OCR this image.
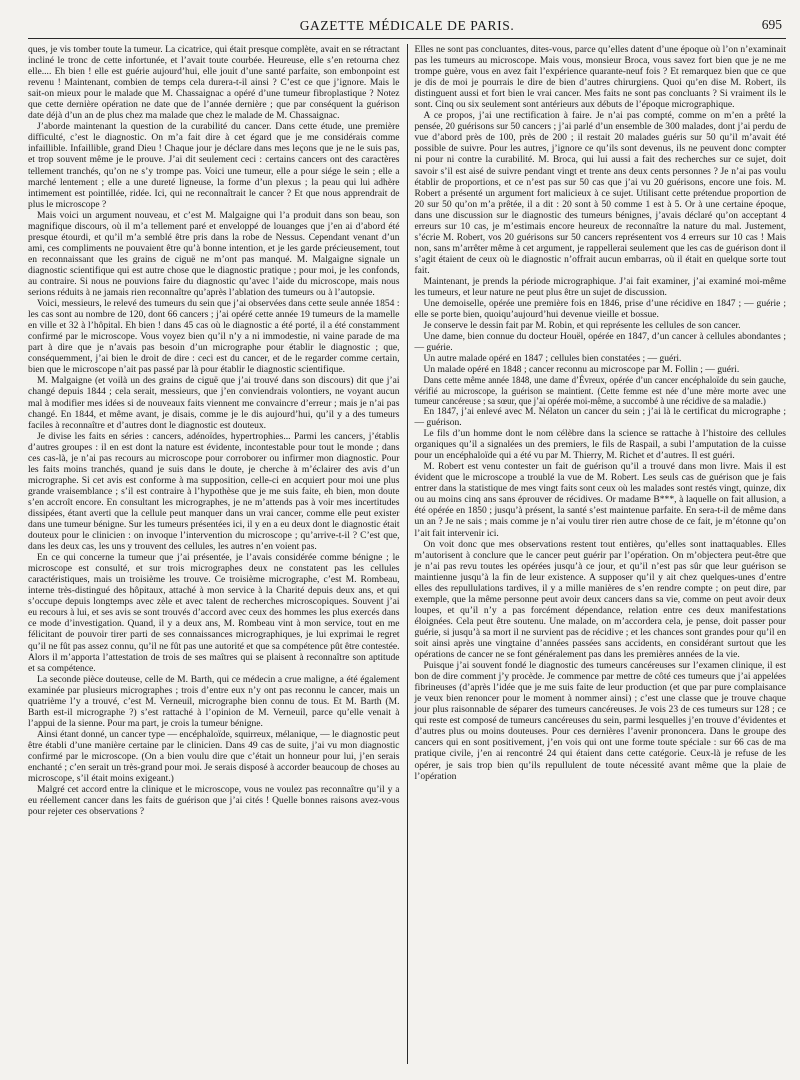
GAZETTE MÉDICALE DE PARIS.	695

ques, je vis tomber toute la tumeur. La cicatrice, qui était presque complète, avait en se rétractant incliné le tronc de cette infortunée, et l’avait toute courbée. Heureuse, elle s’en retourna chez elle.... Eh bien ! elle est guérie aujourd’hui, elle jouit d’une santé parfaite, son embonpoint est revenu ! Maintenant, combien de temps cela durera-t-il ainsi ? C’est ce que j’ignore. Mais le sait-on mieux pour le malade que M. Chassaignac a opéré d’une tumeur fibroplastique ? Notez que cette dernière opération ne date que de l’année dernière ; que par conséquent la guérison date déjà d’un an de plus chez ma malade que chez le malade de M. Chassaignac.

J’aborde maintenant la question de la curabilité du cancer. Dans cette étude, une première difficulté, c’est le diagnostic. On m’a fait dire à cet égard que je me considérais comme infaillible. Infaillible, grand Dieu ! Chaque jour je déclare dans mes leçons que je ne le suis pas, et trop souvent même je le prouve. J’ai dit seulement ceci : certains cancers ont des caractères tellement tranchés, qu’on ne s’y trompe pas. Voici une tumeur, elle a pour siége le sein ; elle a marché lentement ; elle a une dureté ligneuse, la forme d’un plexus ; la peau qui lui adhère intimement est pointillée, ridée. Ici, qui ne reconnaîtrait le cancer ? Et que nous apprendrait de plus le microscope ?

Mais voici un argument nouveau, et c’est M. Malgaigne qui l’a produit dans son beau, son magnifique discours, où il m’a tellement paré et enveloppé de louanges que j’en ai d’abord été presque étourdi, et qu’il m’a semblé être pris dans la robe de Nessus. Cependant venant d’un ami, ces compliments ne pouvaient être qu’à bonne intention, et je les garde précieusement, tout en reconnaissant que les grains de ciguë ne m’ont pas manqué. M. Malgaigne signale un diagnostic scientifique qui est autre chose que le diagnostic pratique ; pour moi, je les confonds, au contraire. Si nous ne pouvions faire du diagnostic qu’avec l’aide du microscope, mais nous serions réduits à ne jamais rien reconnaître qu’après l’ablation des tumeurs ou à l’autopsie.

Voici, messieurs, le relevé des tumeurs du sein que j’ai observées dans cette seule année 1854 : les cas sont au nombre de 120, dont 66 cancers ; j’ai opéré cette année 19 tumeurs de la mamelle en ville et 32 à l’hôpital. Eh bien ! dans 45 cas où le diagnostic a été porté, il a été constamment confirmé par le microscope. Vous voyez bien qu’il n’y a ni immodestie, ni vaine parade de ma part à dire que je n’avais pas besoin d’un micrographe pour établir le diagnostic ; que, conséquemment, j’ai bien le droit de dire : ceci est du cancer, et de le regarder comme certain, bien que le microscope n’ait pas passé par là pour établir le diagnostic scientifique.

M. Malgaigne (et voilà un des grains de ciguë que j’ai trouvé dans son discours) dit que j’ai changé depuis 1844 ; cela serait, messieurs, que j’en conviendrais volontiers, ne voyant aucun mal à modifier mes idées si de nouveaux faits viennent me convaincre d’erreur ; mais je n’ai pas changé. En 1844, et même avant, je disais, comme je le dis aujourd’hui, qu’il y a des tumeurs faciles à reconnaître et d’autres dont le diagnostic est douteux.

Je divise les faits en séries : cancers, adénoïdes, hypertrophies... Parmi les cancers, j’établis d’autres groupes : il en est dont la nature est évidente, incontestable pour tout le monde ; dans ces cas-là, je n’ai pas recours au microscope pour corroborer ou infirmer mon diagnostic. Pour les faits moins tranchés, quand je suis dans le doute, je cherche à m’éclairer des avis d’un micrographe. Si cet avis est conforme à ma supposition, celle-ci en acquiert pour moi une plus grande vraisemblance ; s’il est contraire à l’hypothèse que je me suis faite, eh bien, mon doute s’en accroît encore. En consultant les micrographes, je ne m’attends pas à voir mes incertitudes dissipées, étant averti que la cellule peut manquer dans un vrai cancer, comme elle peut exister dans une tumeur bénigne. Sur les tumeurs présentées ici, il y en a eu deux dont le diagnostic était douteux pour le clinicien : on invoque l’intervention du microscope ; qu’arrive-t-il ? C’est que, dans les deux cas, les uns y trouvent des cellules, les autres n’en voient pas.

En ce qui concerne la tumeur que j’ai présentée, je l’avais considérée comme bénigne ; le microscope est consulté, et sur trois micrographes deux ne constatent pas les cellules caractéristiques, mais un troisième les trouve. Ce troisième micrographe, c’est M. Rombeau, interne très-distingué des hôpitaux, attaché à mon service à la Charité depuis deux ans, et qui s’occupe depuis longtemps avec zèle et avec talent de recherches microscopiques. Souvent j’ai eu recours à lui, et ses avis se sont trouvés d’accord avec ceux des hommes les plus exercés dans ce mode d’investigation. Quand, il y a deux ans, M. Rombeau vint à mon service, tout en me félicitant de pouvoir tirer parti de ses connaissances micrographiques, je lui exprimai le regret qu’il ne fût pas assez connu, qu’il ne fût pas une autorité et que sa compétence pût être contestée. Alors il m’apporta l’attestation de trois de ses maîtres qui se plaisent à reconnaître son aptitude et sa compétence.

La seconde pièce douteuse, celle de M. Barth, qui ce médecin a crue maligne, a été également examinée par plusieurs micrographes ; trois d’entre eux n’y ont pas reconnu le cancer, mais un quatrième l’y a trouvé, c’est M. Verneuil, micrographe bien connu de tous. Et M. Barth (M. Barth est-il micrographe ?) s’est rattaché à l’opinion de M. Verneuil, parce qu’elle venait à l’appui de la sienne. Pour ma part, je crois la tumeur bénigne.

Ainsi étant donné, un cancer type — encéphaloïde, squirreux, mélanique, — le diagnostic peut être établi d’une manière certaine par le clinicien. Dans 49 cas de suite, j’ai vu mon diagnostic confirmé par le microscope. (On a bien voulu dire que c’était un honneur pour lui, j’en serais enchanté ; c’en serait un très-grand pour moi. Je serais disposé à accorder beaucoup de choses au microscope, s’il était moins exigeant.)

Malgré cet accord entre la clinique et le microscope, vous ne voulez pas reconnaître qu’il y a eu réellement cancer dans les faits de guérison que j’ai cités ! Quelle bonnes raisons avez-vous pour rejeter ces observations ?

Elles ne sont pas concluantes, dites-vous, parce qu’elles datent d’une époque où l’on n’examinait pas les tumeurs au microscope. Mais vous, monsieur Broca, vous savez fort bien que je ne me trompe guère, vous en avez fait l’expérience quarante-neuf fois ? Et remarquez bien que ce que je dis de moi je pourrais le dire de bien d’autres chirurgiens. Quoi qu’en dise M. Robert, ils distinguent aussi et fort bien le vrai cancer. Mes faits ne sont pas concluants ? Si vraiment ils le sont. Cinq ou six seulement sont antérieurs aux débuts de l’époque micrographique.

A ce propos, j’ai une rectification à faire. Je n’ai pas compté, comme on m’en a prêté la pensée, 20 guérisons sur 50 cancers ; j’ai parlé d’un ensemble de 300 malades, dont j’ai perdu de vue d’abord près de 100, près de 200 ; il restait 20 malades guéris sur 50 qu’il m’avait été possible de suivre. Pour les autres, j’ignore ce qu’ils sont devenus, ils ne peuvent donc compter ni pour ni contre la curabilité. M. Broca, qui lui aussi a fait des recherches sur ce sujet, doit savoir s’il est aisé de suivre pendant vingt et trente ans deux cents personnes ? Je n’ai pas voulu établir de proportions, et ce n’est pas sur 50 cas que j’ai vu 20 guérisons, encore une fois. M. Robert a présenté un argument fort malicieux à ce sujet. Utilisant cette prétendue proportion de 20 sur 50 qu’on m’a prêtée, il a dit : 20 sont à 50 comme 1 est à 5. Or à une certaine époque, dans une discussion sur le diagnostic des tumeurs bénignes, j’avais déclaré qu’on acceptant 4 erreurs sur 10 cas, je m’estimais encore heureux de reconnaître la nature du mal. Justement, s’écrie M. Robert, vos 20 guérisons sur 50 cancers représentent vos 4 erreurs sur 10 cas ! Mais non, sans m’arrêter même à cet argument, je rappellerai seulement que les cas de guérison dont il s’agit étaient de ceux où le diagnostic n’offrait aucun embarras, où il était en quelque sorte tout fait.

Maintenant, je prends la période micrographique. J’ai fait examiner, j’ai examiné moi-même les tumeurs, et leur nature ne peut plus être un sujet de discussion.

Une demoiselle, opérée une première fois en 1846, prise d’une récidive en 1847 ; — guérie ; elle se porte bien, quoiqu’aujourd’hui devenue vieille et bossue.

Je conserve le dessin fait par M. Robin, et qui représente les cellules de son cancer.

Une dame, bien connue du docteur Houël, opérée en 1847, d’un cancer à cellules abondantes ; — guérie.

Un autre malade opéré en 1847 ; cellules bien constatées ; — guéri.

Un malade opéré en 1848 ; cancer reconnu au microscope par M. Follin ; — guéri.

Dans cette même année 1848, une dame d’Évreux, opérée d’un cancer encéphaloïde du sein gauche, vérifié au microscope, la guérison se maintient. (Cette femme est née d’une mère morte avec une tumeur cancéreuse ; sa sœur, que j’ai opérée moi-même, a succombé à une récidive de sa maladie.)

En 1847, j’ai enlevé avec M. Nélaton un cancer du sein ; j’ai là le certificat du micrographe ; — guérison.

Le fils d’un homme dont le nom célèbre dans la science se rattache à l’histoire des cellules organiques qu’il a signalées un des premiers, le fils de Raspail, a subi l’amputation de la cuisse pour un encéphaloïde qui a été vu par M. Thierry, M. Richet et d’autres. Il est guéri.

M. Robert est venu contester un fait de guérison qu’il a trouvé dans mon livre. Mais il est évident que le microscope a troublé la vue de M. Robert. Les seuls cas de guérison que je fais entrer dans la statistique de mes vingt faits sont ceux où les malades sont restés vingt, quinze, dix ou au moins cinq ans sans éprouver de récidives. Or madame B***, à laquelle on fait allusion, a été opérée en 1850 ; jusqu’à présent, la santé s’est maintenue parfaite. En sera-t-il de même dans un an ? Je ne sais ; mais comme je n’ai voulu tirer rien autre chose de ce fait, je m’étonne qu’on l’ait fait intervenir ici.

On voit donc que mes observations restent tout entières, qu’elles sont inattaquables. Elles m’autorisent à conclure que le cancer peut guérir par l’opération. On m’objectera peut-être que je n’ai pas revu toutes les opérées jusqu’à ce jour, et qu’il n’est pas sûr que leur guérison se maintienne jusqu’à la fin de leur existence. A supposer qu’il y ait chez quelques-unes d’entre elles des repullulations tardives, il y a mille manières de s’en rendre compte ; on peut dire, par exemple, que la même personne peut avoir deux cancers dans sa vie, comme on peut avoir deux loupes, et qu’il n’y a pas forcément dépendance, relation entre ces deux manifestations éloignées. Cela peut être soutenu. Une malade, on m’accordera cela, je pense, doit passer pour guérie, si jusqu’à sa mort il ne survient pas de récidive ; et les chances sont grandes pour qu’il en soit ainsi après une vingtaine d’années passées sans accidents, en considérant surtout que les opérations de cancer ne se font généralement pas dans les premières années de la vie.

Puisque j’ai souvent fondé le diagnostic des tumeurs cancéreuses sur l’examen clinique, il est bon de dire comment j’y procède. Je commence par mettre de côté ces tumeurs que j’ai appelées fibrineuses (d’après l’idée que je me suis faite de leur production (et que par pure complaisance je veux bien renoncer pour le moment à nommer ainsi) ; c’est une classe que je trouve chaque jour plus raisonnable de séparer des tumeurs cancéreuses. Je vois 23 de ces tumeurs sur 128 ; ce qui reste est composé de tumeurs cancéreuses du sein, parmi lesquelles j’en trouve d’évidentes et d’autres plus ou moins douteuses. Pour ces dernières l’avenir prononcera. Dans le groupe des cancers qui en sont positivement, j’en vois qui ont une forme toute spéciale : sur 66 cas de ma pratique civile, j’en ai rencontré 24 qui étaient dans cette catégorie. Ceux-là je refuse de les opérer, je sais trop bien qu’ils repullulent de toute nécessité avant même que la plaie de l’opération
